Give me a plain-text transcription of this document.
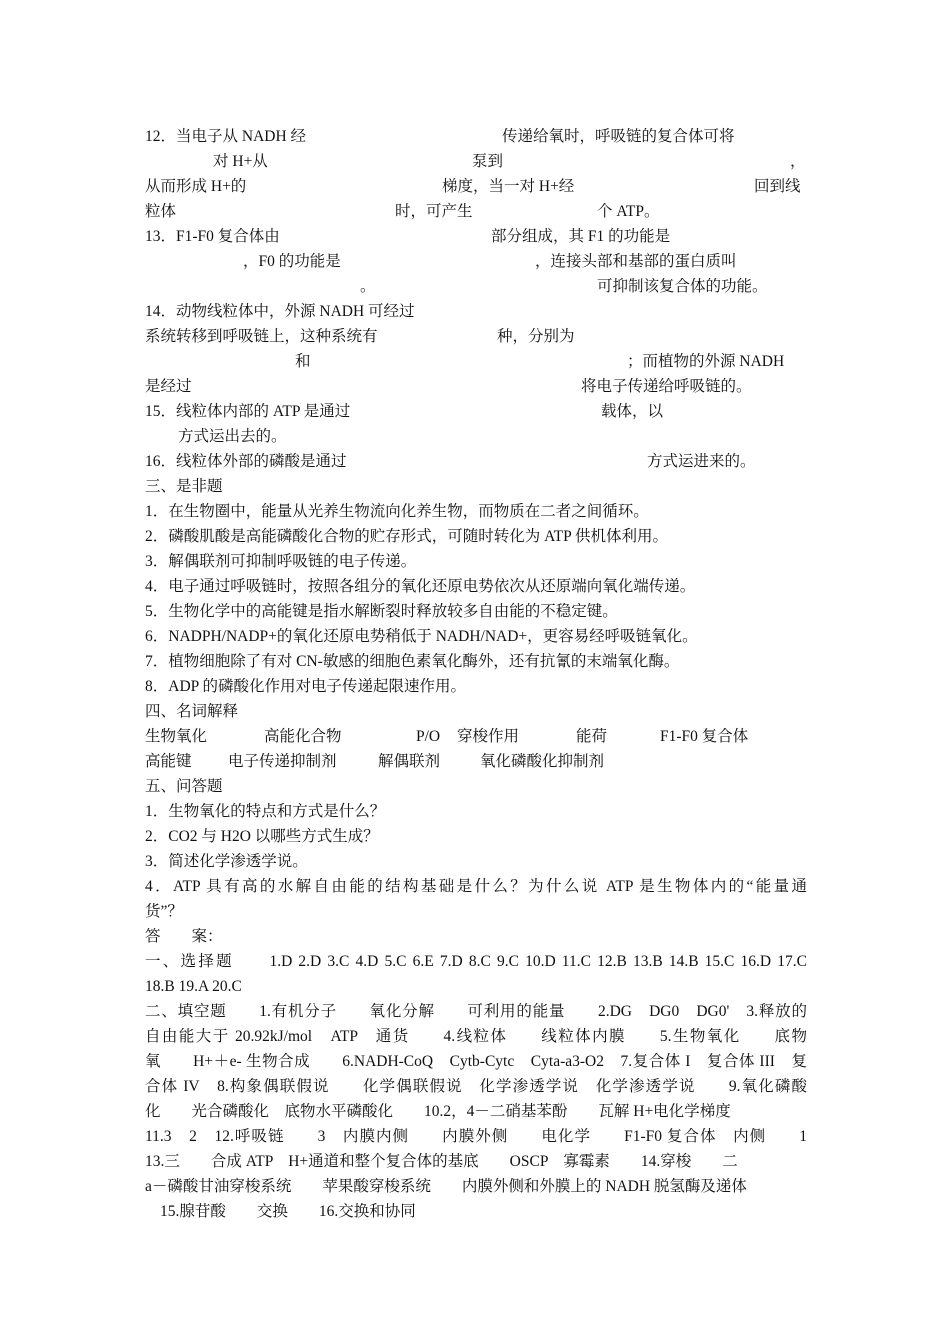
12．当电子从 NADH 经	传递给氧时，呼吸链的复合体可将
对 H+从	泵到	，
从而形成 H+的	梯度，当一对 H+经	回到线
粒体	时，可产生	个 ATP。
13．F1-F0 复合体由	部分组成，其 F1 的功能是
，F0 的功能是	，连接头部和基部的蛋白质叫
。	可抑制该复合体的功能。
14．动物线粒体中，外源 NADH 可经过
系统转移到呼吸链上，这种系统有	种，分别为
和	；而植物的外源 NADH
是经过	将电子传递给呼吸链的。
15．线粒体内部的 ATP 是通过	载体，以
方式运出去的。
16．线粒体外部的磷酸是通过	方式运进来的。
三、是非题
1．在生物圈中，能量从光养生物流向化养生物，而物质在二者之间循环。
2．磷酸肌酸是高能磷酸化合物的贮存形式，可随时转化为 ATP 供机体利用。
3．解偶联剂可抑制呼吸链的电子传递。
4．电子通过呼吸链时，按照各组分的氧化还原电势依次从还原端向氧化端传递。
5．生物化学中的高能键是指水解断裂时释放较多自由能的不稳定键。
6．NADPH/NADP+的氧化还原电势稍低于 NADH/NAD+，更容易经呼吸链氧化。
7．植物细胞除了有对 CN-敏感的细胞色素氧化酶外，还有抗氰的末端氧化酶。
8．ADP 的磷酸化作用对电子传递起限速作用。
四、名词解释
生物氧化	高能化合物	P/O 穿梭作用	能荷	F1-F0 复合体
高能键 电子传递抑制剂	解偶联剂	氧化磷酸化抑制剂
五、问答题
1．生物氧化的特点和方式是什么？
2．CO2 与 H2O 以哪些方式生成？
3．简述化学渗透学说。
4．ATP 具有高的水解自由能的结构基础是什么？为什么说 ATP 是生物体内的“能量通
货”？
答　　案：
一、选择题　　1.D 2.D 3.C 4.D 5.C 6.E 7.D 8.C 9.C 10.D 11.C 12.B 13.B 14.B 15.C 16.D 17.C
18.B 19.A 20.C
二、填空题　　1.有机分子　　氧化分解　　可利用的能量　　2.DG　DG0　DG0'　3.释放的
自由能大于 20.92kJ/mol　ATP　通货　　4.线粒体　　线粒体内膜　　5.生物氧化　　底物
氧　　H+＋e- 生物合成　　6.NADH-CoQ　Cytb-Cytc　Cyta-a3-O2　7.复合体 I　复合体 III　复
合体 IV　8.构象偶联假说　　化学偶联假说　化学渗透学说　化学渗透学说　　9.氧化磷酸
化　　光合磷酸化　底物水平磷酸化　　10.2，4－二硝基苯酚　　瓦解 H+电化学梯度
11.3　2　12.呼吸链　　3　内膜内侧　　内膜外侧　　电化学　　F1-F0 复合体　内侧　　1
13.三　　合成 ATP　H+通道和整个复合体的基底　　OSCP　寡霉素　　14.穿梭　　二
a－磷酸甘油穿梭系统　　苹果酸穿梭系统　　内膜外侧和外膜上的 NADH 脱氢酶及递体
15.腺苷酸　　交换　　16.交换和协同
